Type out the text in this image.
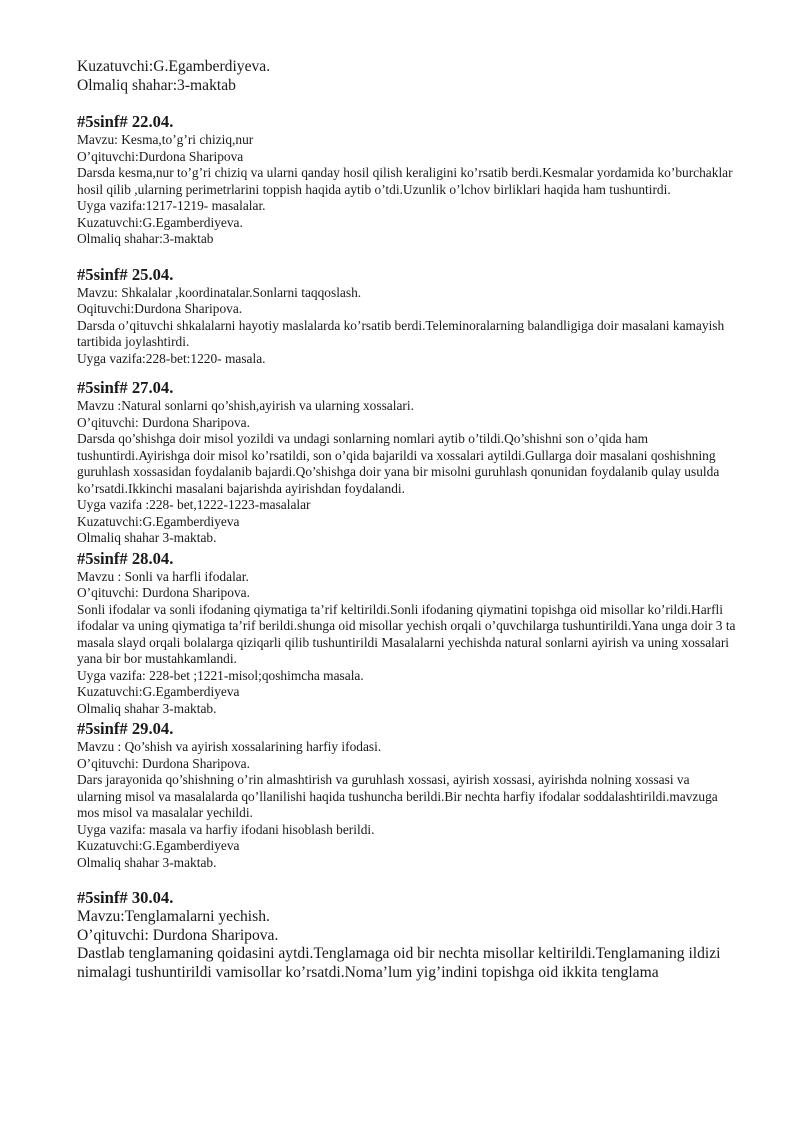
Kuzatuvchi:G.Egamberdiyeva.

Olmaliq shahar:3-maktab

#5sinf# 22.04.

Mavzu: Kesma,to’g’ri chiziq,nur

O’qituvchi:Durdona Sharipova

Darsda kesma,nur to’g’ri chiziq va ularni qanday hosil qilish keraligini ko’rsatib berdi.Kesmalar yordamida ko’burchaklar hosil qilib ,ularning perimetrlarini toppish haqida aytib o’tdi.Uzunlik o’lchov birliklari haqida ham tushuntirdi.

Uyga vazifa:1217-1219- masalalar.

Kuzatuvchi:G.Egamberdiyeva.

Olmaliq shahar:3-maktab

#5sinf# 25.04.

Mavzu: Shkalalar ,koordinatalar.Sonlarni taqqoslash.

Oqituvchi:Durdona Sharipova.

Darsda o’qituvchi shkalalarni hayotiy maslalarda ko’rsatib berdi.Teleminoralarning balandligiga doir masalani kamayish tartibida joylashtirdi.

Uyga vazifa:228-bet:1220- masala.

#5sinf# 27.04.

Mavzu :Natural sonlarni qo’shish,ayirish va ularning xossalari.

O’qituvchi: Durdona Sharipova.

Darsda qo’shishga doir misol yozildi va undagi sonlarning nomlari aytib o’tildi.Qo’shishni son o’qida ham tushuntirdi.Ayirishga doir misol ko’rsatildi, son o’qida bajarildi va xossalari aytildi.Gullarga doir masalani qoshishning guruhlash xossasidan foydalanib bajardi.Qo’shishga doir yana bir misolni guruhlash qonunidan foydalanib qulay usulda ko’rsatdi.Ikkinchi masalani bajarishda ayirishdan foydalandi.

Uyga vazifa :228- bet,1222-1223-masalalar

Kuzatuvchi:G.Egamberdiyeva

Olmaliq shahar 3-maktab.

#5sinf# 28.04.

Mavzu : Sonli va harfli ifodalar.

O’qituvchi: Durdona Sharipova.

Sonli ifodalar va sonli ifodaning qiymatiga ta’rif keltirildi.Sonli ifodaning qiymatini topishga oid misollar ko’rildi.Harfli ifodalar va uning qiymatiga ta’rif berildi.shunga oid misollar yechish orqali o’quvchilarga tushuntirildi.Yana unga doir 3 ta masala slayd orqali bolalarga qiziqarli qilib tushuntirildi Masalalarni yechishda natural sonlarni ayirish va uning xossalari yana bir bor mustahkamlandi.

Uyga vazifa: 228-bet ;1221-misol;qoshimcha masala.

Kuzatuvchi:G.Egamberdiyeva

Olmaliq shahar 3-maktab.

#5sinf# 29.04.

Mavzu : Qo’shish va ayirish xossalarining harfiy ifodasi.

O’qituvchi: Durdona Sharipova.

Dars jarayonida qo’shishning o’rin almashtirish va guruhlash xossasi, ayirish xossasi, ayirishda nolning xossasi va ularning misol va masalalarda qo’llanilishi haqida tushuncha berildi.Bir nechta harfiy ifodalar soddalashtirildi.mavzuga mos misol va masalalar yechildi.

Uyga vazifa: masala va harfiy ifodani hisoblash berildi.

Kuzatuvchi:G.Egamberdiyeva

Olmaliq shahar 3-maktab.

#5sinf# 30.04.

Mavzu:Tenglamalarni yechish.

O’qituvchi: Durdona Sharipova.

Dastlab tenglamaning qoidasini aytdi.Tenglamaga oid bir nechta misollar keltirildi.Tenglamaning ildizi nimalagi tushuntirildi vamisollar ko’rsatdi.Noma’lum yig’indini topishga oid ikkita tenglama
